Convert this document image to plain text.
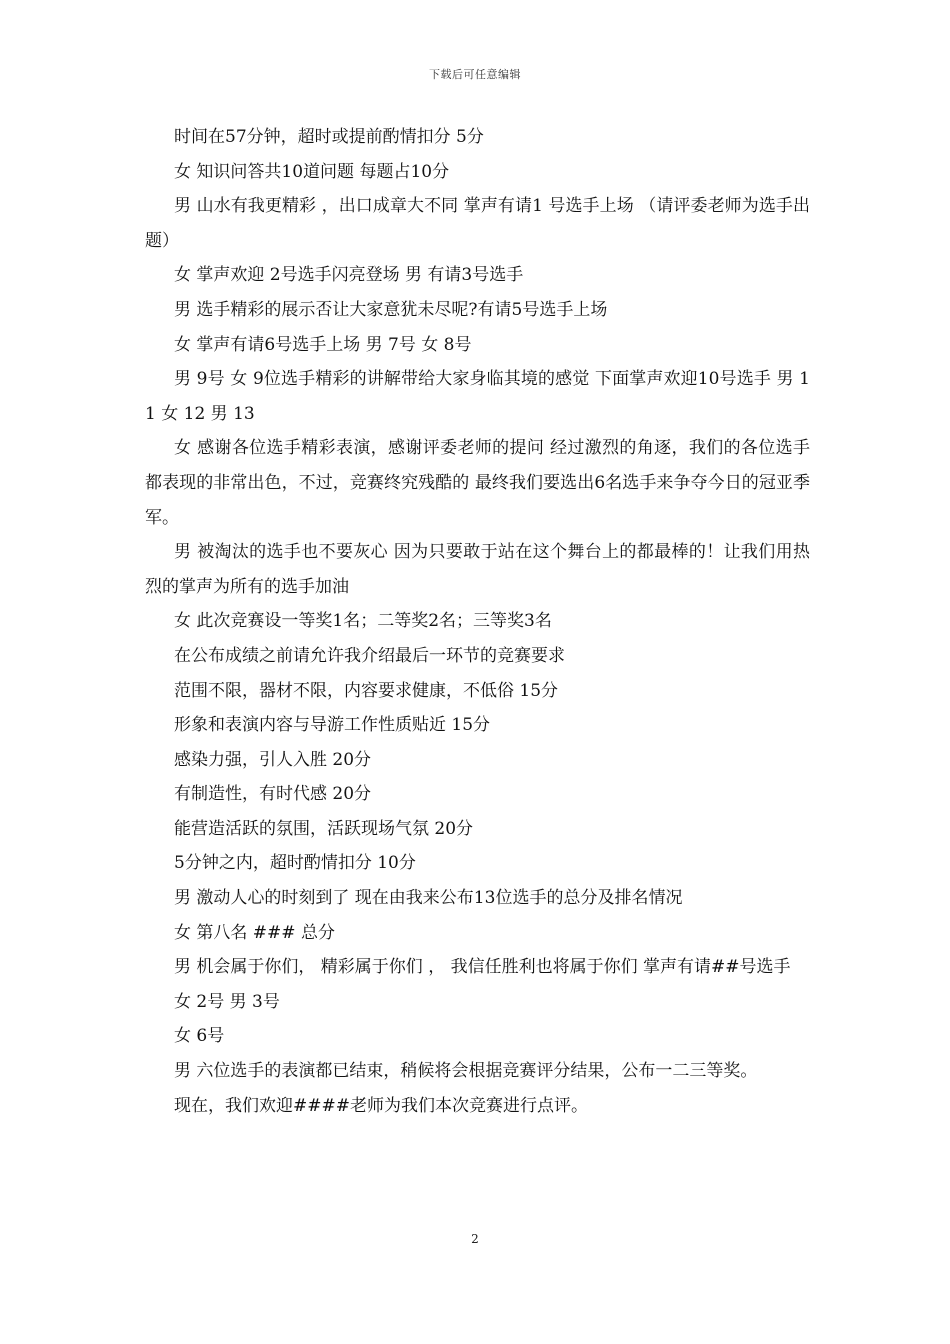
下载后可任意编辑

时间在57分钟，超时或提前酌情扣分 5分

女 知识问答共10道问题 每题占10分

男 山水有我更精彩 ，出口成章大不同 掌声有请1 号选手上场 （请评委老师为选手出题）

女 掌声欢迎 2号选手闪亮登场 男 有请3号选手

男 选手精彩的展示否让大家意犹未尽呢?有请5号选手上场

女 掌声有请6号选手上场 男 7号 女 8号

男 9号 女 9位选手精彩的讲解带给大家身临其境的感觉 下面掌声欢迎10号选手 男 11 女 12 男 13

女 感谢各位选手精彩表演，感谢评委老师的提问 经过激烈的角逐，我们的各位选手都表现的非常出色，不过，竞赛终究残酷的 最终我们要选出6名选手来争夺今日的冠亚季军。

男 被淘汰的选手也不要灰心 因为只要敢于站在这个舞台上的都最棒的！让我们用热烈的掌声为所有的选手加油

女 此次竞赛设一等奖1名；二等奖2名；三等奖3名

在公布成绩之前请允许我介绍最后一环节的竞赛要求

范围不限，器材不限，内容要求健康，不低俗 15分

形象和表演内容与导游工作性质贴近 15分

感染力强，引人入胜 20分

有制造性，有时代感 20分

能营造活跃的氛围，活跃现场气氛 20分

5分钟之内，超时酌情扣分 10分

男 激动人心的时刻到了 现在由我来公布13位选手的总分及排名情况

女 第八名 ### 总分

男 机会属于你们， 精彩属于你们 ， 我信任胜利也将属于你们 掌声有请##号选手

女 2号 男 3号

女 6号

男 六位选手的表演都已结束，稍候将会根据竞赛评分结果，公布一二三等奖。

现在，我们欢迎####老师为我们本次竞赛进行点评。

2
